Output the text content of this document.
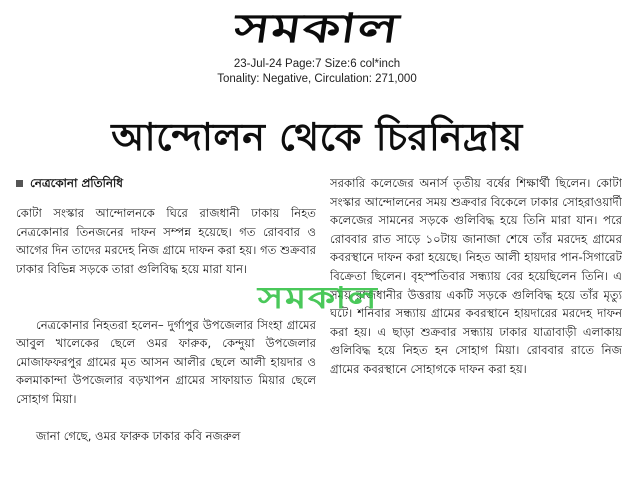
সমকাল
23-Jul-24 Page:7 Size:6 col*inch
Tonality: Negative, Circulation: 271,000
আন্দোলন থেকে চিরনিদ্রায়
নেত্রকোনা প্রতিনিধি

কোটা সংস্কার আন্দোলনকে ঘিরে রাজধানী ঢাকায় নিহত নেত্রকোনার তিনজনের দাফন সম্পন্ন হয়েছে। গত রোববার ও আগের দিন তাদের মরদেহ নিজ গ্রামে দাফন করা হয়। গত শুক্রবার ঢাকার বিভিন্ন সড়কে তারা গুলিবিদ্ধ হয়ে মারা যান।

নেত্রকোনার নিহতরা হলেন– দুর্গাপুর উপজেলার সিংহা গ্রামের আবুল খালেকের ছেলে ওমর ফারুক, কেন্দুয়া উপজেলার মোজাফফরপুর গ্রামের মৃত আসন আলীর ছেলে আলী হায়দার ও কলমাকান্দা উপজেলার বড়খাপন গ্রামের সাফায়াত মিয়ার ছেলে সোহাগ মিয়া।

জানা গেছে, ওমর ফারুক ঢাকার কবি নজরুল

সরকারি কলেজের অনার্স তৃতীয় বর্ষের শিক্ষার্থী ছিলেন। কোটা সংস্কার আন্দোলনের সময় শুক্রবার বিকেলে ঢাকার সোহরাওয়ার্দী কলেজের সামনের সড়কে গুলিবিদ্ধ হয়ে তিনি মারা যান। পরে রোববার রাত সাড়ে ১০টায় জানাজা শেষে তাঁর মরদেহ গ্রামের কবরস্থানে দাফন করা হয়েছে। নিহত আলী হায়দার পান-সিগারেট বিক্রেতা ছিলেন। বৃহস্পতিবার সন্ধ্যায় বের হয়েছিলেন তিনি। এ সময় রাজধানীর উত্তরায় একটি সড়কে গুলিবিদ্ধ হয়ে তাঁর মৃত্যু ঘটে। শনিবার সন্ধ্যায় গ্রামের কবরস্থানে হায়দারের মরদেহ দাফন করা হয়। এ ছাড়া শুক্রবার সন্ধ্যায় ঢাকার যাত্রাবাড়ী এলাকায় গুলিবিদ্ধ হয়ে নিহত হন সোহাগ মিয়া। রোববার রাতে নিজ গ্রামের কবরস্থানে সোহাগকে দাফন করা হয়।

সমকাল
